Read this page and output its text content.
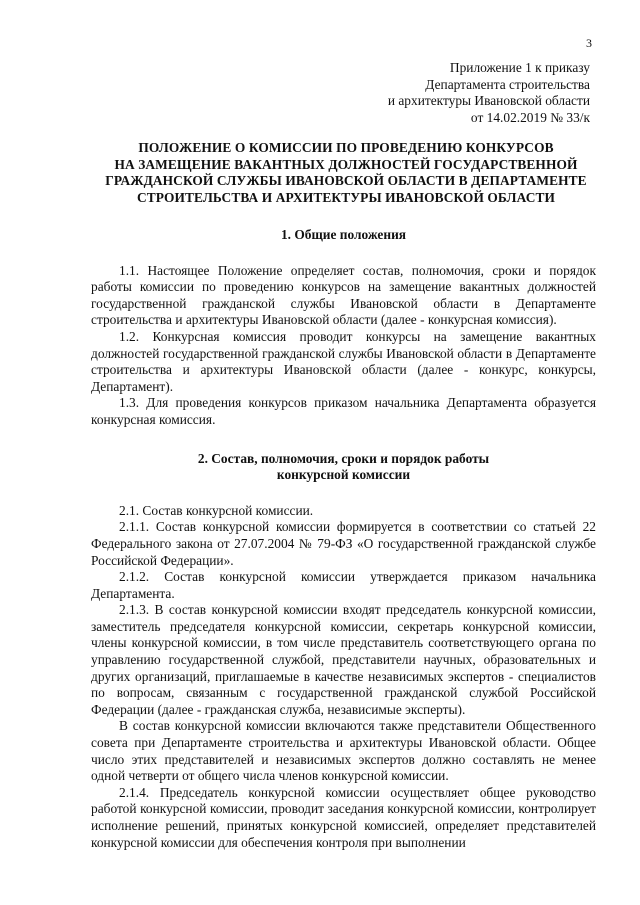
3
Приложение 1 к приказу
Департамента строительства
и архитектуры Ивановской области
от 14.02.2019 № 33/к
ПОЛОЖЕНИЕ О КОМИССИИ ПО ПРОВЕДЕНИЮ КОНКУРСОВ
НА ЗАМЕЩЕНИЕ ВАКАНТНЫХ ДОЛЖНОСТЕЙ ГОСУДАРСТВЕННОЙ
ГРАЖДАНСКОЙ СЛУЖБЫ ИВАНОВСКОЙ ОБЛАСТИ В ДЕПАРТАМЕНТЕ
СТРОИТЕЛЬСТВА И АРХИТЕКТУРЫ ИВАНОВСКОЙ ОБЛАСТИ
1. Общие положения

1.1. Настоящее Положение определяет состав, полномочия, сроки и порядок работы комиссии по проведению конкурсов на замещение вакантных должностей государственной гражданской службы Ивановской области в Департаменте строительства и архитектуры Ивановской области (далее - конкурсная комиссия).

1.2. Конкурсная комиссия проводит конкурсы на замещение вакантных должностей государственной гражданской службы Ивановской области в Департаменте строительства и архитектуры Ивановской области (далее - конкурс, конкурсы, Департамент).

1.3. Для проведения конкурсов приказом начальника Департамента образуется конкурсная комиссия.

2. Состав, полномочия, сроки и порядок работы
конкурсной комиссии

2.1. Состав конкурсной комиссии.

2.1.1. Состав конкурсной комиссии формируется в соответствии со статьей 22 Федерального закона от 27.07.2004 № 79-ФЗ «О государственной гражданской службе Российской Федерации».

2.1.2. Состав конкурсной комиссии утверждается приказом начальника Департамента.

2.1.3. В состав конкурсной комиссии входят председатель конкурсной комиссии, заместитель председателя конкурсной комиссии, секретарь конкурсной комиссии, члены конкурсной комиссии, в том числе представитель соответствующего органа по управлению государственной службой, представители научных, образовательных и других организаций, приглашаемые в качестве независимых экспертов - специалистов по вопросам, связанным с государственной гражданской службой Российской Федерации (далее - гражданская служба, независимые эксперты).

В состав конкурсной комиссии включаются также представители Общественного совета при Департаменте строительства и архитектуры Ивановской области. Общее число этих представителей и независимых экспертов должно составлять не менее одной четверти от общего числа членов конкурсной комиссии.

2.1.4. Председатель конкурсной комиссии осуществляет общее руководство работой конкурсной комиссии, проводит заседания конкурсной комиссии, контролирует исполнение решений, принятых конкурсной комиссией, определяет представителей конкурсной комиссии для обеспечения контроля при выполнении
